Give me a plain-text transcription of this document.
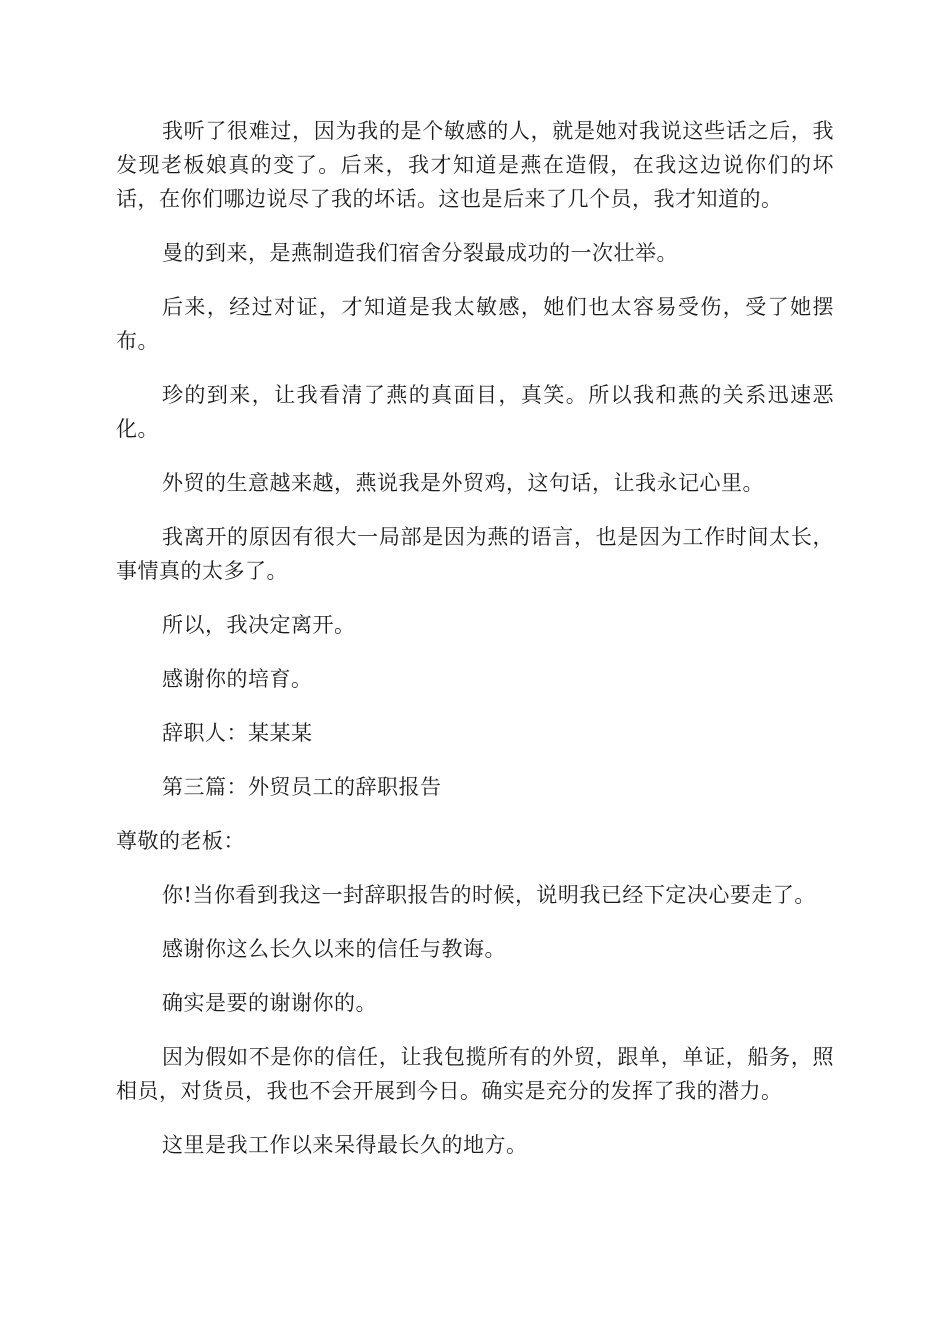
我听了很难过，因为我的是个敏感的人，就是她对我说这些话之后，我发现老板娘真的变了。后来，我才知道是燕在造假，在我这边说你们的坏话，在你们哪边说尽了我的坏话。这也是后来了几个员，我才知道的。

曼的到来，是燕制造我们宿舍分裂最成功的一次壮举。

后来，经过对证，才知道是我太敏感，她们也太容易受伤，受了她摆布。

珍的到来，让我看清了燕的真面目，真笑。所以我和燕的关系迅速恶化。

外贸的生意越来越，燕说我是外贸鸡，这句话，让我永记心里。

我离开的原因有很大一局部是因为燕的语言，也是因为工作时间太长，事情真的太多了。

所以，我决定离开。

感谢你的培育。

辞职人：某某某

第三篇：外贸员工的辞职报告

尊敬的老板：

你!当你看到我这一封辞职报告的时候，说明我已经下定决心要走了。

感谢你这么长久以来的信任与教诲。

确实是要的谢谢你的。

因为假如不是你的信任，让我包揽所有的外贸，跟单，单证，船务，照相员，对货员，我也不会开展到今日。确实是充分的发挥了我的潜力。

这里是我工作以来呆得最长久的地方。
